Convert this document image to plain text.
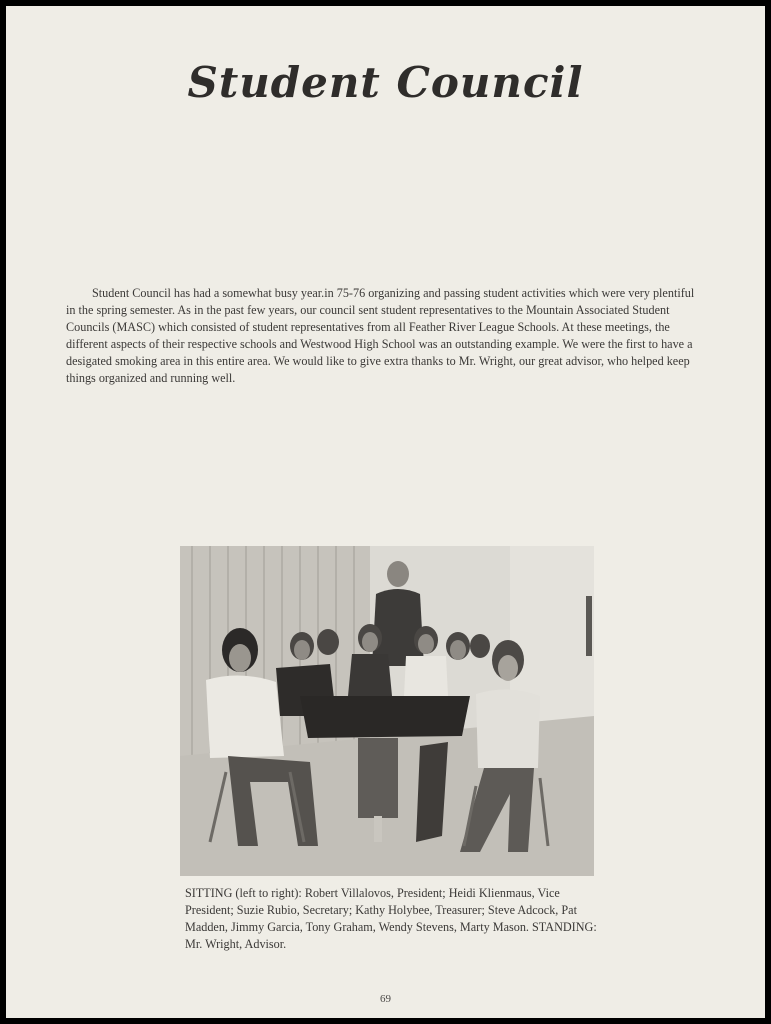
Student Council

Student Council has had a somewhat busy year.in 75-76 organizing and passing student activities which were very plentiful in the spring semester. As in the past few years, our council sent student representatives to the Mountain Associated Student Councils (MASC) which consisted of student representatives from all Feather River League Schools. At these meetings, the different aspects of their respective schools and Westwood High School was an outstanding example. We were the first to have a desigated smoking area in this entire area. We would like to give extra thanks to Mr. Wright, our great advisor, who helped keep things organized and running well.

SITTING (left to right): Robert Villalovos, President; Heidi Klienmaus, Vice President; Suzie Rubio, Secretary; Kathy Holybee, Treasurer; Steve Adcock, Pat Madden, Jimmy Garcia, Tony Graham, Wendy Stevens, Marty Mason. STANDING: Mr. Wright, Advisor.

69
